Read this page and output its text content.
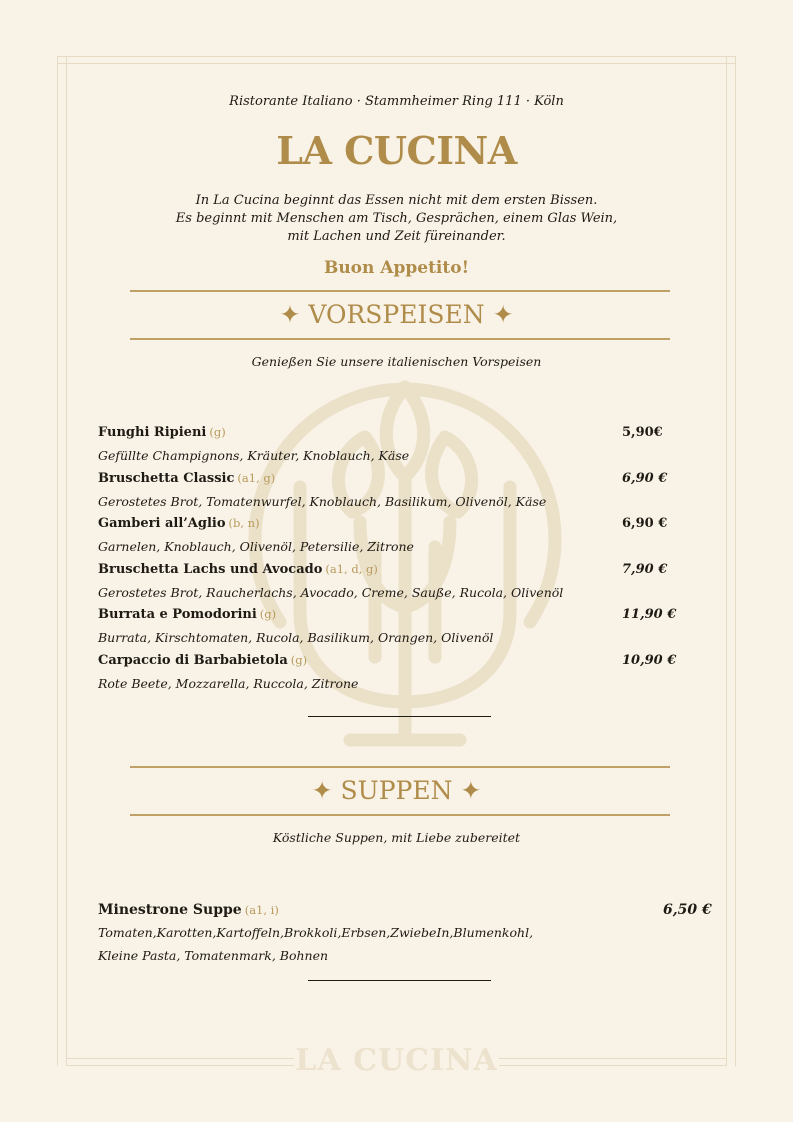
LA CUCINA
Ristorante Italiano · Stammheimer Ring 111 · Köln
LA CUCINA
In La Cucina beginnt das Essen nicht mit dem ersten Bissen.
Es beginnt mit Menschen am Tisch, Gesprächen, einem Glas Wein,
mit Lachen und Zeit füreinander.
Buon Appetito!
✦ VORSPEISEN ✦
Genießen Sie unsere italienischen Vorspeisen
Funghi Ripieni (g)	5,90€
Gefüllte Champignons, Kräuter, Knoblauch, Käse
Bruschetta Classic (a1, g)	6,90 €
Gerostetes Brot, Tomatenwurfel, Knoblauch, Basilikum, Olivenöl, Käse
Gamberi all’Aglio (b, n)	6,90 €
Garnelen, Knoblauch, Olivenöl, Petersilie, Zitrone
Bruschetta Lachs und Avocado (a1, d, g)	7,90 €
Gerostetes Brot, Raucherlachs, Avocado, Creme, Sauße, Rucola, Olivenöl
Burrata e Pomodorini (g)	11,90 €
Burrata, Kirschtomaten, Rucola, Basilikum, Orangen, Olivenöl
Carpaccio di Barbabietola (g)	10,90 €
Rote Beete, Mozzarella, Ruccola, Zitrone
✦ SUPPEN ✦
Köstliche Suppen, mit Liebe zubereitet
Minestrone Suppe (a1, i)	6,50 €
Tomaten,Karotten,Kartoffeln,Brokkoli,Erbsen,ZwiebeIn,Blumenkohl,
Kleine Pasta, Tomatenmark, Bohnen
